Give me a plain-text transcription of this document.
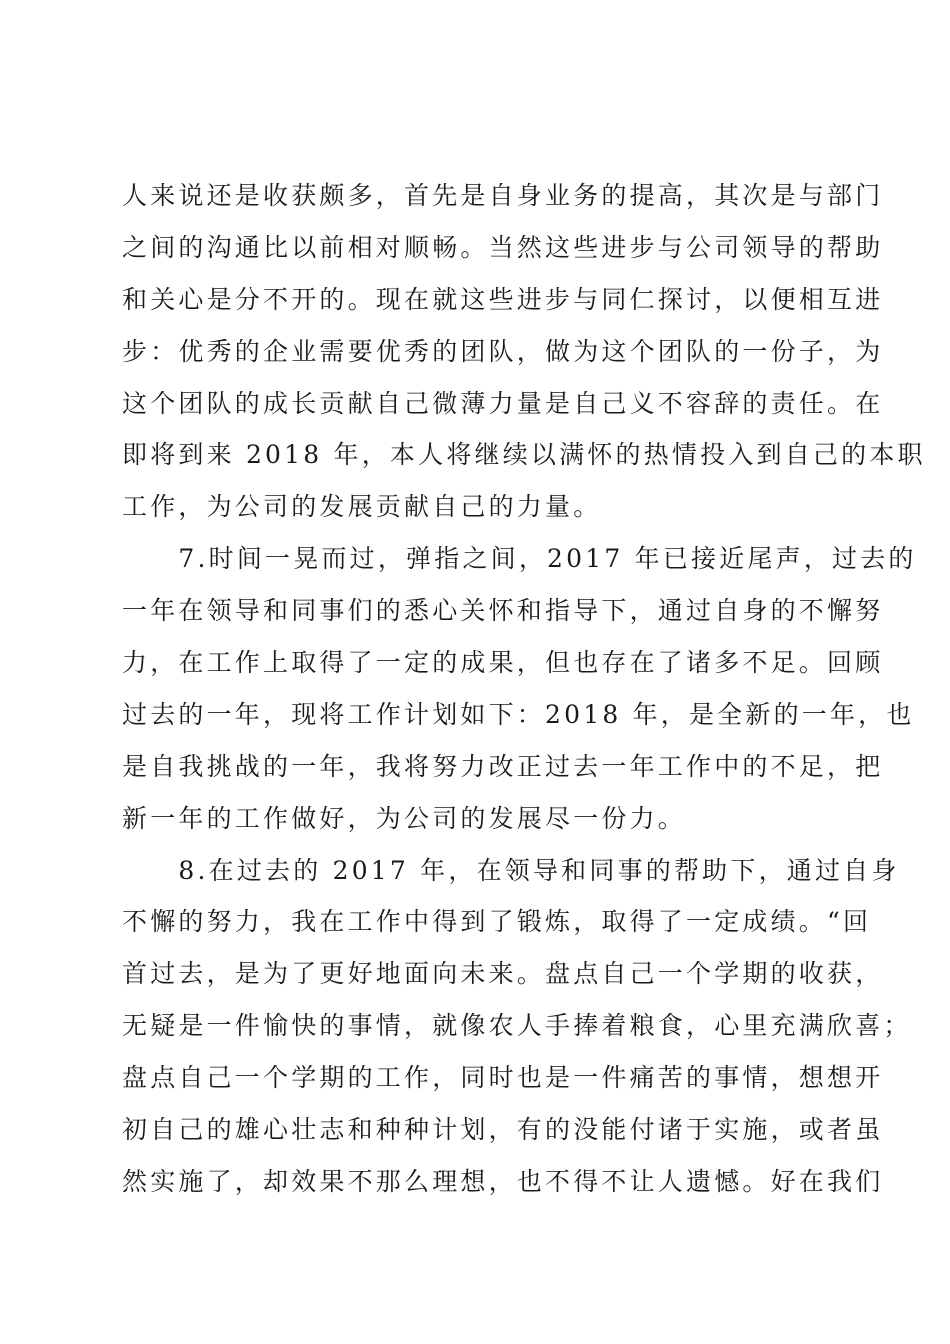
人来说还是收获颇多，首先是自身业务的提高，其次是与部门
之间的沟通比以前相对顺畅。当然这些进步与公司领导的帮助
和关心是分不开的。现在就这些进步与同仁探讨，以便相互进
步：优秀的企业需要优秀的团队，做为这个团队的一份子，为
这个团队的成长贡献自己微薄力量是自己义不容辞的责任。在
即将到来 2018 年，本人将继续以满怀的热情投入到自己的本职
工作，为公司的发展贡献自己的力量。
　　7.时间一晃而过，弹指之间，2017 年已接近尾声，过去的
一年在领导和同事们的悉心关怀和指导下，通过自身的不懈努
力，在工作上取得了一定的成果，但也存在了诸多不足。回顾
过去的一年，现将工作计划如下：2018 年，是全新的一年，也
是自我挑战的一年，我将努力改正过去一年工作中的不足，把
新一年的工作做好，为公司的发展尽一份力。
　　8.在过去的 2017 年，在领导和同事的帮助下，通过自身
不懈的努力，我在工作中得到了锻炼，取得了一定成绩。“回
首过去，是为了更好地面向未来。盘点自己一个学期的收获，
无疑是一件愉快的事情，就像农人手捧着粮食，心里充满欣喜；
盘点自己一个学期的工作，同时也是一件痛苦的事情，想想开
初自己的雄心壮志和种种计划，有的没能付诸于实施，或者虽
然实施了，却效果不那么理想，也不得不让人遗憾。好在我们
